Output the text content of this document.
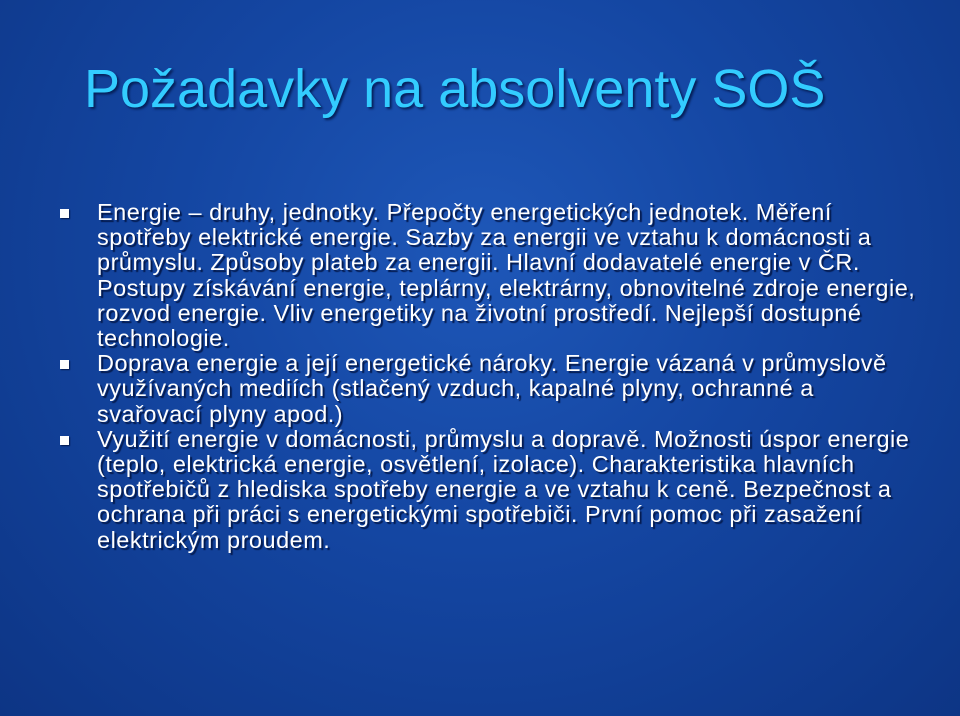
Požadavky na absolventy SOŠ
Energie – druhy, jednotky. Přepočty energetických jednotek. Měření spotřeby elektrické energie. Sazby za energii ve vztahu k domácnosti a průmyslu. Způsoby plateb za energii. Hlavní dodavatelé energie v ČR. Postupy získávání energie, teplárny, elektrárny, obnovitelné zdroje energie, rozvod energie. Vliv energetiky na životní prostředí. Nejlepší dostupné technologie.
Doprava energie a její energetické nároky. Energie vázaná v průmyslově využívaných mediích (stlačený vzduch, kapalné plyny, ochranné a svařovací plyny apod.)
Využití energie v domácnosti, průmyslu a dopravě. Možnosti úspor energie (teplo, elektrická energie, osvětlení, izolace). Charakteristika hlavních spotřebičů z hlediska spotřeby energie a ve vztahu k ceně. Bezpečnost a ochrana při práci s energetickými spotřebiči. První pomoc při zasažení elektrickým proudem.
